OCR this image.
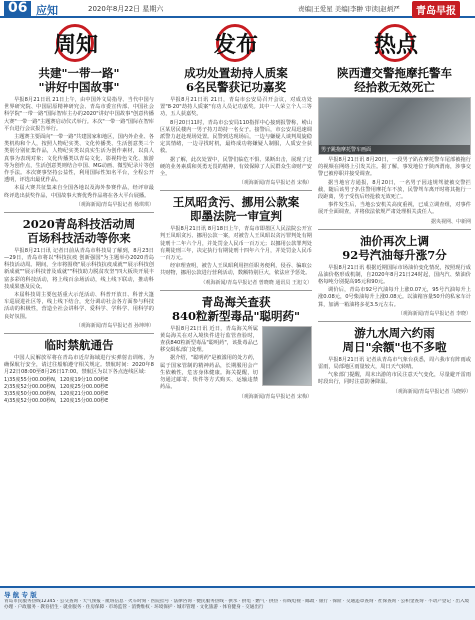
06 应知	2020年8月22日 星期六	责编|王爱星 美编|李翀 审读|赵炳严	青岛早报
周知
共建"一带一路"
"讲好中国故事"

早报8月21日讯 21日上午，由中国外文局指导、当代中国与世界研究院、中国屈原精神研究会、青岛市委宣传部、中国社会科学院"一带一路"国际智库主办的2020"讲好中国故事"创意传播大赛"一带一路"主题赛启动仪式举行。本次"一带一路"国际在智库平台进行会议报告举行。

主题赛主要面向"一带一路"共建国家和地区，国内外企业、各类机构和个人，按照人物纪实类、文化传播类、生活创意类三个类别分别征集作品，人物纪实类以真实生活为创作素材，以真人真事为表现对象；文化传播类以青岛文化、影视特色文化、旅游等为创作点，生活创意类则结合中国、MG动画、微型纪录片等创作手法。本次赛事坚持公益性，利用国际性知名平台，全程公开透明，评选出最优作品。

本届大赛共征集来自全国各地以及海外参赛作品，经评审最终评选出获奖作品，中国故事大赛优秀作品将在各大平台展播。

（观海新闻/青岛早报记者 杨琪琪）
2020青岛科技活动周
百场科技活动等你来

早报8月21日讯 记者日前从青岛市科技局了解到，8月23日—29日，青岛市将以"科技抗疫 创新强国"为主题举办2020青岛科技活动周。期间，全市将围绕"展示科技抗疫成就""展示科技创新成就""展示科技普及成就""科技助力脱贫攻坚"四大板块开展丰富多彩的科技活动，将上线百余场活动，线上线下联动，推动科技成果惠及民众。

本届科技周主要包括重大示范活动、科普开放日、科普大篷车巡展进社区等，线上线下结合，充分调动社会各方面参与科技活动的积极性，营造全社会讲科学、爱科学、学科学、用科学的良好氛围。

（观海新闻/青岛早报记者 孙坤坤）
临时禁航通告

中国人民解放军将在青岛市近岸海域进行实弹射击训练，为确保航行安全，请过往船舶遵守相关规定。禁航时间：2020年8月22日08:00至8月26日17:00。禁航区为以下各点连线区域：

1)35度55分00.00秒N，120度19分10.00秒E
2)35度52分00.00秒N，120度25分00.00秒E
3)35度50分00.00秒N，120度21分00.00秒E
4)35度52分00.00秒N，120度15分00.00秒E
发布
成功处置劫持人质案
6名民警获记功嘉奖

早报8月21日讯 21日，青岛市公安局召开会议，对成功处置"8·20"劫持人质案"有功人员记功嘉奖。其中一人荣立个人三等功，五人获嘉奖。

8月20日11时，青岛市公安局110指挥中心接到报警称，崂山区某居民楼内一男子持刀劫持一名女子。接警后，市公安局迅速调派警力赶赴现场处置。民警到达现场后，一边与嫌疑人谈判周旋稳定其情绪，一边寻找时机，最终成功将嫌疑人制服，人质安全获救。

据了解，此次处置中，民警们临危不惧、果断出击，展现了过硬的业务素质和英勇无畏的精神，有效保障了人民群众生命财产安全。

（观海新闻/青岛早报记者 宋梅）
王凤昭贪污、挪用公款案
即墨法院一审宣判

早报8月21日讯 8月18日上午，青岛市即墨区人民法院公开宣判王凤昭贪污、挪用公款一案，对被告人王凤昭以贪污罪判处有期徒刑十二年六个月，并处罚金人民币一百万元；以挪用公款罪判处有期徒刑三年，决定执行有期徒刑十四年六个月，并处罚金人民币一百万元。

经审理查明，被告人王凤昭利用担任职务便利，侵吞、骗取公共财物，挪用公款进行营利活动，数额特别巨大，依法应予惩处。

（观海新闻/青岛早报记者 曾晓晓 通讯员 王旭文）
青岛海关查获
840粒新型毒品"聪明药"

早报8月21日讯 近日，青岛海关所属黄岛海关在对入境快件进行监管查验时，查获840粒新型毒品"聪明药"，该批毒品已移交缉私部门处理。

据介绍，"聪明药"是被滥用的处方药，属于国家管制的精神药品，长期服用会产生依赖性，危害身体健康。海关提醒，切勿通过邮寄、快件等方式购买、运输违禁药品。

（观海新闻/青岛早报记者 宋梅）
热点
陕西遭交警拖摩托警车
经拾救无效死亡
男子跳拖摩托警车画面

早报8月21日讯 8月20日，一段男子趴在摩托警车尾部被拖行的视频在网络上引发关注。据了解，事发地位于陕西渭南，涉事交警已被停职并接受调查。

据当地官方通报，8月20日，一名男子因违规驾驶被交警拦截，随后该男子扒住警用摩托车不放，民警驾车离开时将其拖行一段距离，男子受伤后经抢救无效死亡。

事件发生后，当地公安机关高度重视，已成立调查组，对事件展开全面调查，并将依法依规严肃处理相关责任人。

据央视网、中新网
油价再次上调
92号汽油每升涨7分

早报8月21日讯 根据近期国际市场油价变化情况，按照现行成品油价格形成机制，自2020年8月21日24时起，国内汽、柴油价格每吨分别提高95元和90元。

调价后，青岛市92号汽油每升上涨0.07元，95号汽油每升上涨0.08元，0号柴油每升上涨0.08元。以油箱容量50升的私家车计算，加满一箱油将多花3.5元左右。

（观海新闻/青岛早报记者 李晓）
游九水周六约雨
周日"余额"也不多啦

早报8月21日讯 记者从青岛市气象台获悉，周六我市有阵雨或雷雨，局部地区雨量较大，周日天气转晴。

气象部门提醒，周末出游的市民注意天气变化，尽量避开雷雨时段出行，同时注意防暑降温。

（观海新闻/青岛早报记者 马晓婷）
导 航 专 版
青岛市民服务热线12345 · 公交查询 · 天气预报 · 航班信息 · 火车时刻 · 医院挂号 · 法律咨询 · 便民服务热线 · 供水 · 供电 · 燃气 · 供热 · 有线电视 · 邮政 · 银行 · 保险 · 交通违章查询 · 社保查询 · 公积金查询 · 不动产登记 · 出入境办理 · 户政服务 · 教育招生 · 就业服务 · 住房保障 · 市场监管 · 消费维权 · 环境保护 · 城市管理 · 文化旅游 · 体育健身 · 交通出行
